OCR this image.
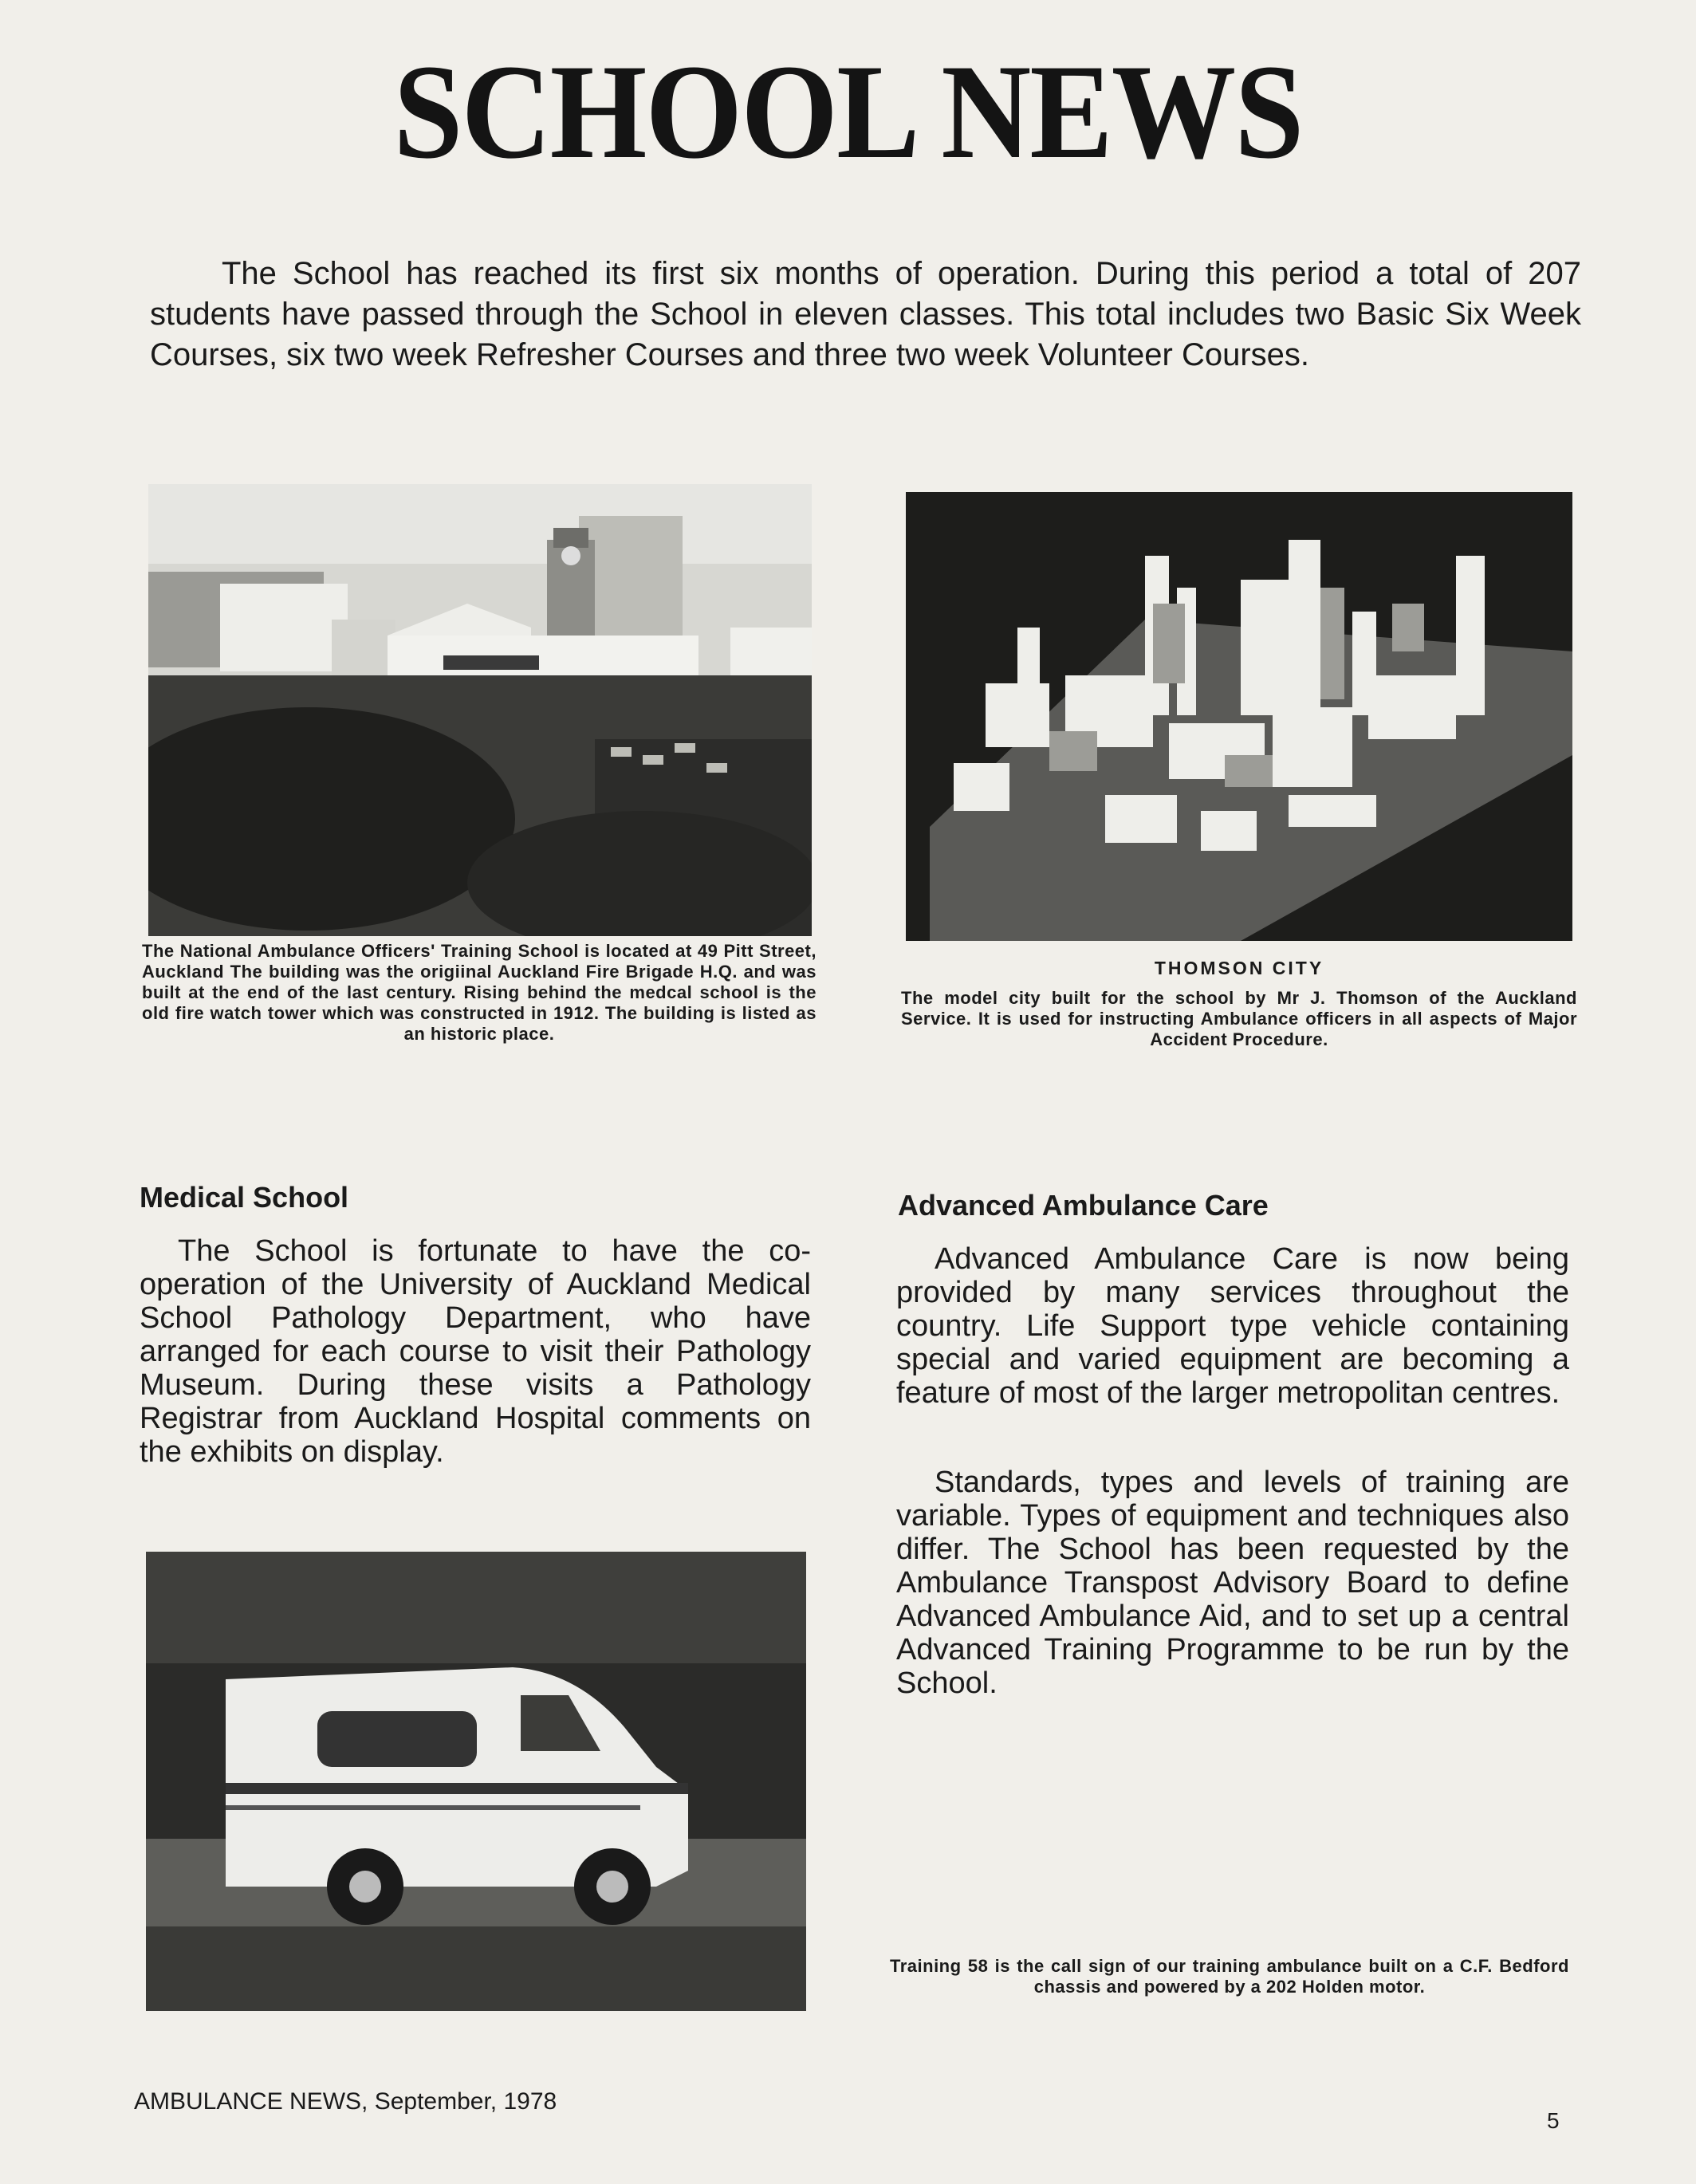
SCHOOL NEWS
The School has reached its first six months of operation. During this period a total of 207 students have passed through the School in eleven classes. This total includes two Basic Six Week Courses, six two week Refresher Courses and three two week Volunteer Courses.
The National Ambulance Officers' Training School is located at 49 Pitt Street, Auckland The building was the origiinal Auckland Fire Brigade H.Q. and was built at the end of the last century. Rising behind the medcal school is the old fire watch tower which was constructed in 1912. The building is listed as an historic place.
THOMSON CITY
The model city built for the school by Mr J. Thomson of the Auckland Service. It is used for instructing Ambulance officers in all aspects of Major Accident Procedure.
Medical School
The School is fortunate to have the co-operation of the University of Auckland Medical School Pathology Department, who have arranged for each course to visit their Pathology Museum. During these visits a Pathology Registrar from Auckland Hospital comments on the exhibits on display.
Advanced Ambulance Care
Advanced Ambulance Care is now being provided by many services throughout the country. Life Support type vehicle containing special and varied equipment are becoming a feature of most of the larger metropolitan centres.
Standards, types and levels of training are variable. Types of equipment and techniques also differ. The School has been requested by the Ambulance Transpost Advisory Board to define Advanced Ambulance Aid, and to set up a central Advanced Training Programme to be run by the School.
Training 58 is the call sign of our training ambulance built on a C.F. Bedford chassis and powered by a 202 Holden motor.
AMBULANCE NEWS, September, 1978
5
